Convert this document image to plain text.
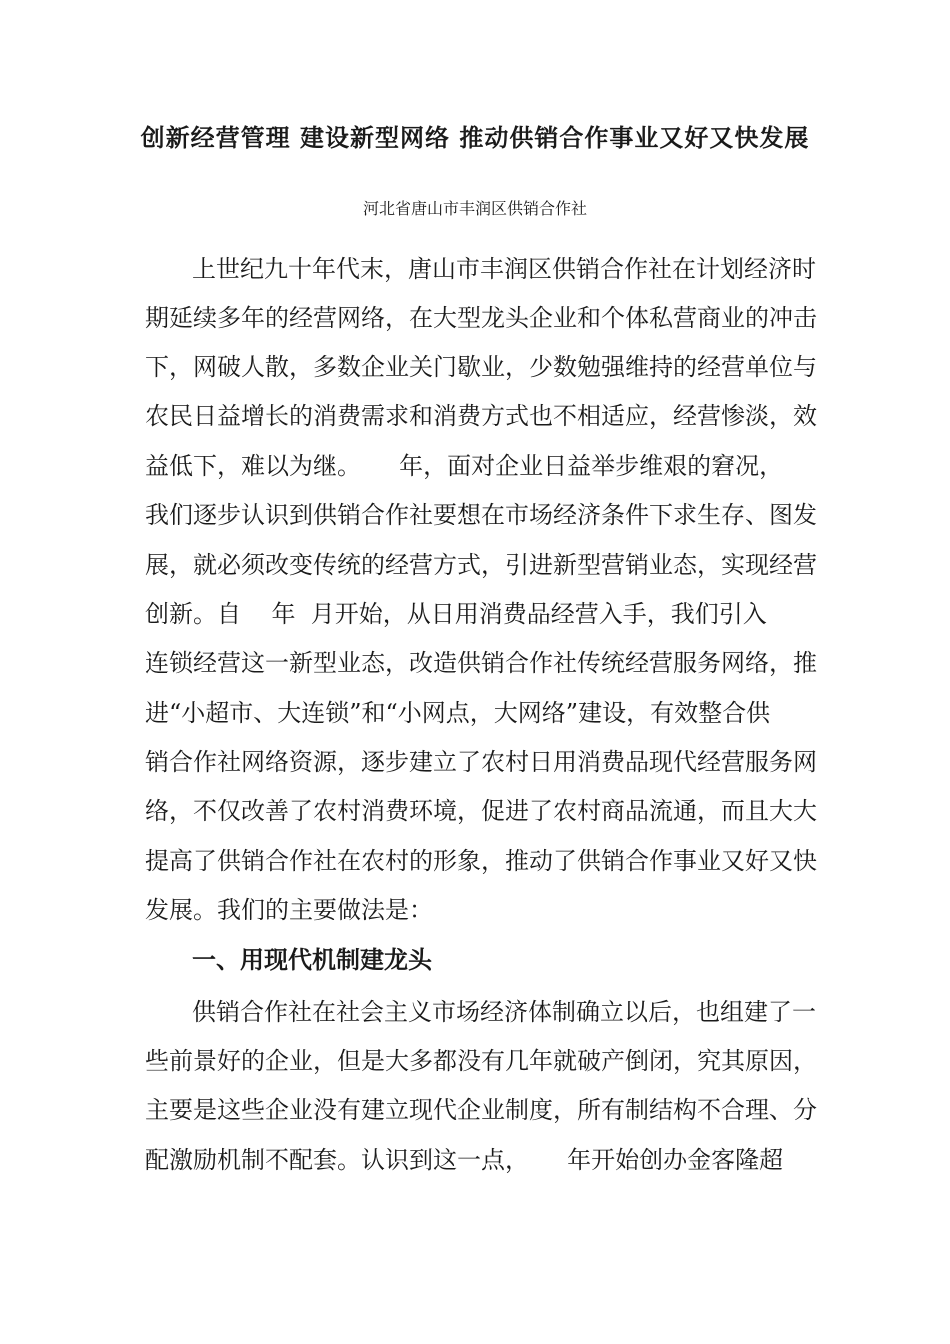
创新经营管理 建设新型网络 推动供销合作事业又好又快发展
河北省唐山市丰润区供销合作社
上世纪九十年代末，唐山市丰润区供销合作社在计划经济时
期延续多年的经营网络，在大型龙头企业和个体私营商业的冲击
下，网破人散，多数企业关门歇业，少数勉强维持的经营单位与
农民日益增长的消费需求和消费方式也不相适应，经营惨淡，效
益低下，难以为继。     年，面对企业日益举步维艰的窘况，
我们逐步认识到供销合作社要想在市场经济条件下求生存、图发
展，就必须改变传统的经营方式，引进新型营销业态，实现经营
创新。自    年  月开始，从日用消费品经营入手，我们引入
连锁经营这一新型业态，改造供销合作社传统经营服务网络，推
进“小超市、大连锁”和“小网点，大网络”建设，有效整合供
销合作社网络资源，逐步建立了农村日用消费品现代经营服务网
络，不仅改善了农村消费环境，促进了农村商品流通，而且大大
提高了供销合作社在农村的形象，推动了供销合作事业又好又快
发展。我们的主要做法是：
一、用现代机制建龙头
供销合作社在社会主义市场经济体制确立以后，也组建了一
些前景好的企业，但是大多都没有几年就破产倒闭，究其原因，
主要是这些企业没有建立现代企业制度，所有制结构不合理、分
配激励机制不配套。认识到这一点，     年开始创办金客隆超
